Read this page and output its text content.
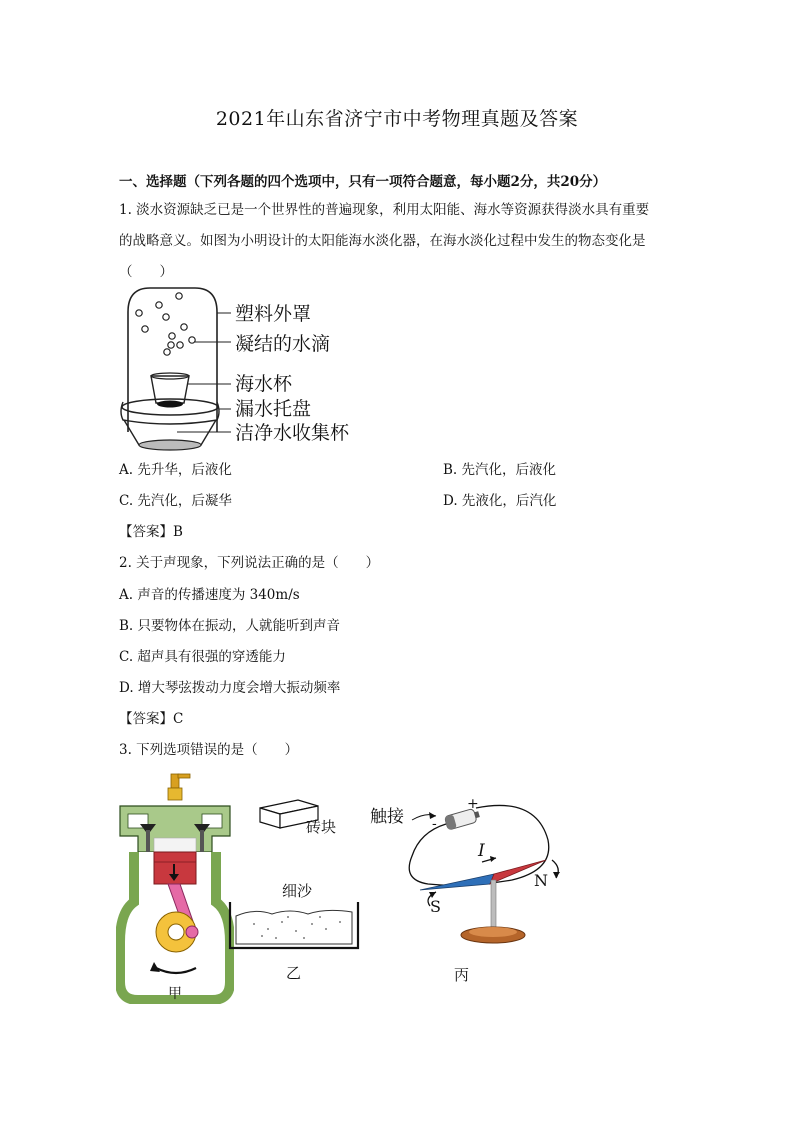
2021年山东省济宁市中考物理真题及答案
一、选择题（下列各题的四个选项中，只有一项符合题意，每小题2分，共20分）
1. 淡水资源缺乏已是一个世界性的普遍现象，利用太阳能、海水等资源获得淡水具有重要
的战略意义。如图为小明设计的太阳能海水淡化器，在海水淡化过程中发生的物态变化是
（　　）
塑料外罩
凝结的水滴
海水杯
漏水托盘
洁净水收集杯
A. 先升华，后液化	B. 先汽化，后液化
C. 先汽化，后凝华	D. 先液化，后汽化
【答案】B
2. 关于声现象，下列说法正确的是（　　）
A. 声音的传播速度为 340m/s
B. 只要物体在振动，人就能听到声音
C. 超声具有很强的穿透能力
D. 增大琴弦拨动力度会增大振动频率
【答案】C
3. 下列选项错误的是（　　）
甲
砖块
细沙
乙
触接
+
-
I
N
S
丙
